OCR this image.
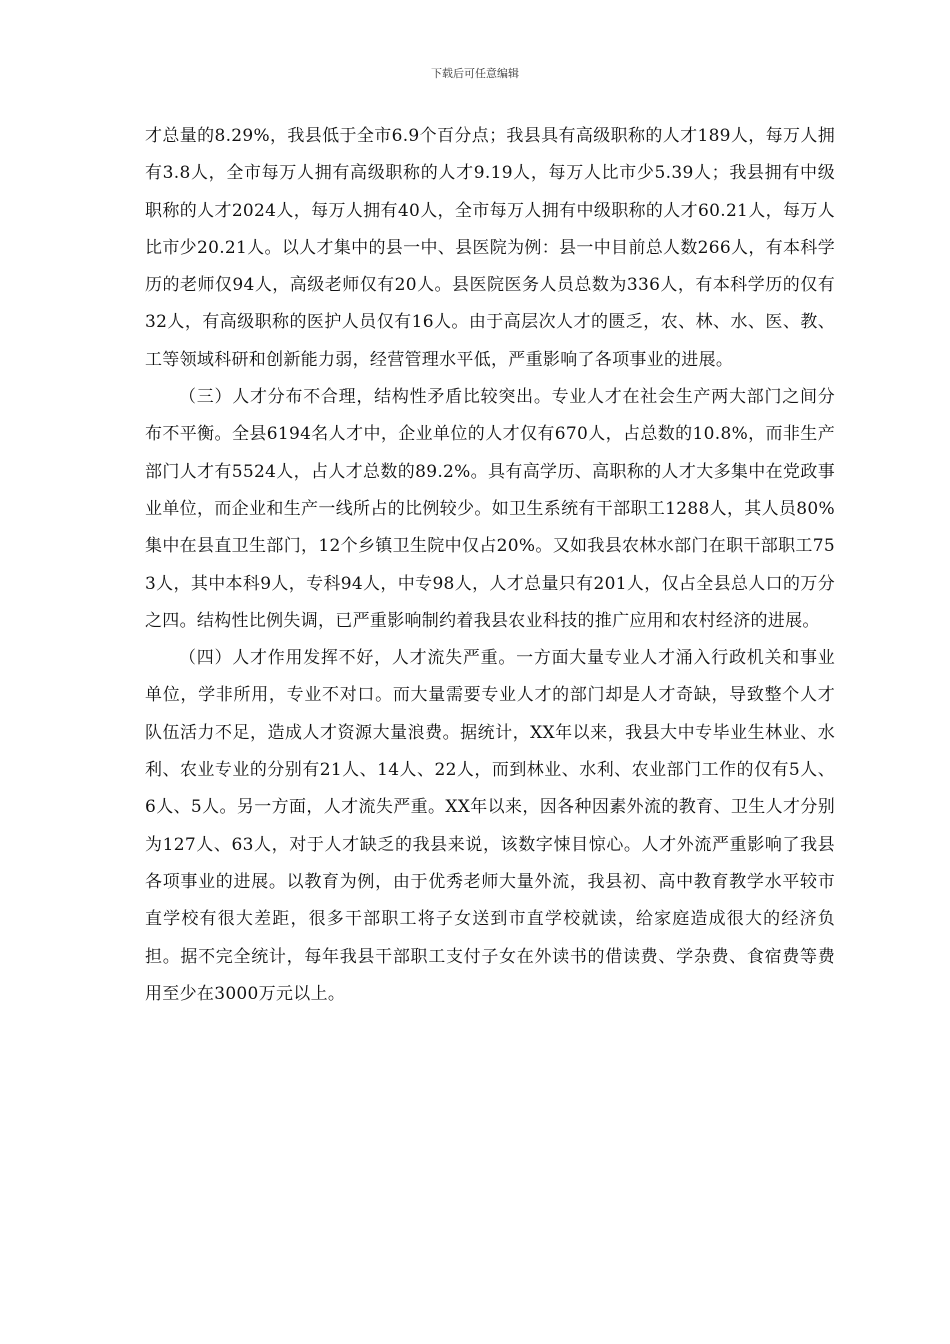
下载后可任意编辑

才总量的8.29%，我县低于全市6.9个百分点；我县具有高级职称的人才189人，每万人拥有3.8人，全市每万人拥有高级职称的人才9.19人，每万人比市少5.39人；我县拥有中级职称的人才2024人，每万人拥有40人，全市每万人拥有中级职称的人才60.21人，每万人比市少20.21人。以人才集中的县一中、县医院为例：县一中目前总人数266人，有本科学历的老师仅94人，高级老师仅有20人。县医院医务人员总数为336人，有本科学历的仅有32人，有高级职称的医护人员仅有16人。由于高层次人才的匮乏，农、林、水、医、教、工等领域科研和创新能力弱，经营管理水平低，严重影响了各项事业的进展。

（三）人才分布不合理，结构性矛盾比较突出。专业人才在社会生产两大部门之间分布不平衡。全县6194名人才中，企业单位的人才仅有670人，占总数的10.8%，而非生产部门人才有5524人，占人才总数的89.2%。具有高学历、高职称的人才大多集中在党政事业单位，而企业和生产一线所占的比例较少。如卫生系统有干部职工1288人，其人员80%集中在县直卫生部门，12个乡镇卫生院中仅占20%。又如我县农林水部门在职干部职工753人，其中本科9人，专科94人，中专98人，人才总量只有201人，仅占全县总人口的万分之四。结构性比例失调，已严重影响制约着我县农业科技的推广应用和农村经济的进展。

（四）人才作用发挥不好，人才流失严重。一方面大量专业人才涌入行政机关和事业单位，学非所用，专业不对口。而大量需要专业人才的部门却是人才奇缺，导致整个人才队伍活力不足，造成人才资源大量浪费。据统计，XX年以来，我县大中专毕业生林业、水利、农业专业的分别有21人、14人、22人，而到林业、水利、农业部门工作的仅有5人、6人、5人。另一方面，人才流失严重。XX年以来，因各种因素外流的教育、卫生人才分别为127人、63人，对于人才缺乏的我县来说，该数字悚目惊心。人才外流严重影响了我县各项事业的进展。以教育为例，由于优秀老师大量外流，我县初、高中教育教学水平较市直学校有很大差距，很多干部职工将子女送到市直学校就读，给家庭造成很大的经济负担。据不完全统计，每年我县干部职工支付子女在外读书的借读费、学杂费、食宿费等费用至少在3000万元以上。
